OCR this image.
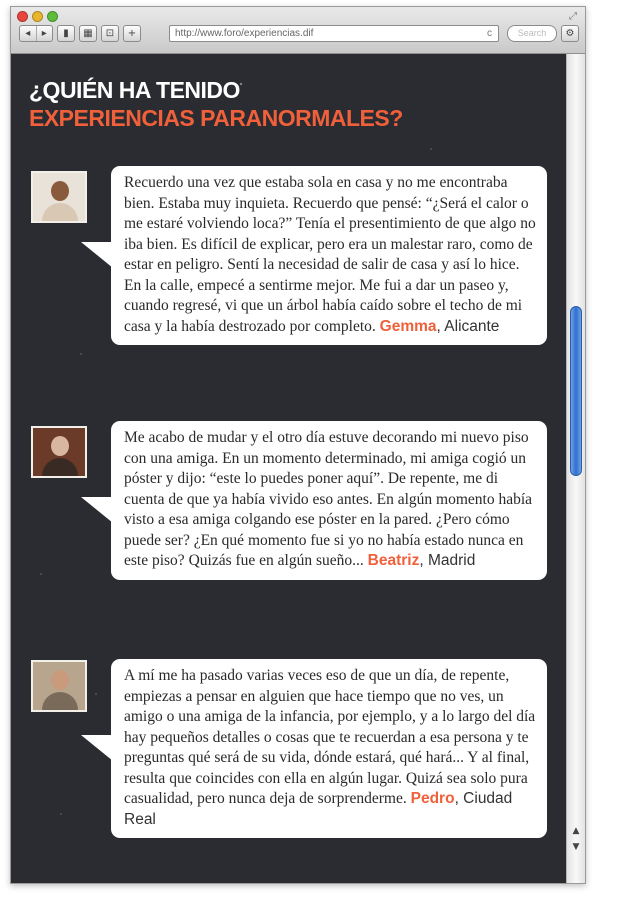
⤢
◂	▸	▮	▦	⊡	+	http://www.foro/experiencias.dif	c	Search	⚙
¿QUIÉN HA TENIDO
EXPERIENCIAS PARANORMALES?
Recuerdo una vez que estaba sola en casa y no me encontraba bien. Estaba muy inquieta. Recuerdo que pensé: “¿Será el calor o me estaré volviendo loca?” Tenía el presentimiento de que algo no iba bien. Es difícil de explicar, pero era un malestar raro, como de estar en peligro. Sentí la necesidad de salir de casa y así lo hice. En la calle, empecé a sentirme mejor. Me fui a dar un paseo y, cuando regresé, vi que un árbol había caído sobre el techo de mi casa y la había destrozado por completo. Gemma, Alicante
Me acabo de mudar y el otro día estuve decorando mi nuevo piso con una amiga. En un momento determinado, mi amiga cogió un póster y dijo: “este lo puedes poner aquí”. De repente, me di cuenta de que ya había vivido eso antes. En algún momento había visto a esa amiga colgando ese póster en la pared. ¿Pero cómo puede ser? ¿En qué momento fue si yo no había estado nunca en este piso? Quizás fue en algún sueño... Beatriz, Madrid
A mí me ha pasado varias veces eso de que un día, de repente, empiezas a pensar en alguien que hace tiempo que no ves, un amigo o una amiga de la infancia, por ejemplo, y a lo largo del día hay pequeños detalles o cosas que te recuerdan a esa persona y te preguntas qué será de su vida, dónde estará, qué hará... Y al final, resulta que coincides con ella en algún lugar. Quizá sea solo pura casualidad, pero nunca deja de sorprenderme. Pedro, Ciudad Real
▲
▼
